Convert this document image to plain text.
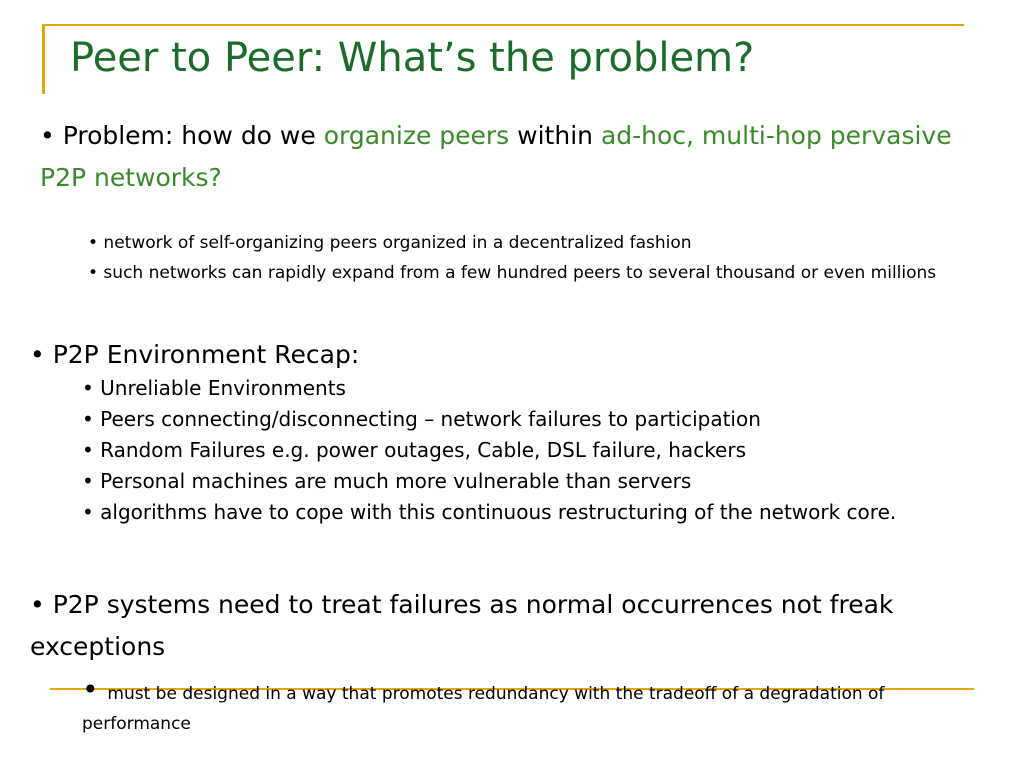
Peer to Peer: What’s the problem?
• Problem: how do we organize peers within ad-hoc, multi-hop pervasive P2P networks?
• network of self-organizing peers organized in a decentralized fashion
• such networks can rapidly expand from a few hundred peers to several thousand or even millions
• P2P Environment Recap:
• Unreliable Environments
• Peers connecting/disconnecting – network failures to participation
• Random Failures e.g. power outages, Cable, DSL failure, hackers
• Personal machines are much more vulnerable than servers
• algorithms have to cope with this continuous restructuring of the network core.
• P2P systems need to treat failures as normal occurrences not freak exceptions
• must be designed in a way that promotes redundancy with the tradeoff of a degradation of performance
